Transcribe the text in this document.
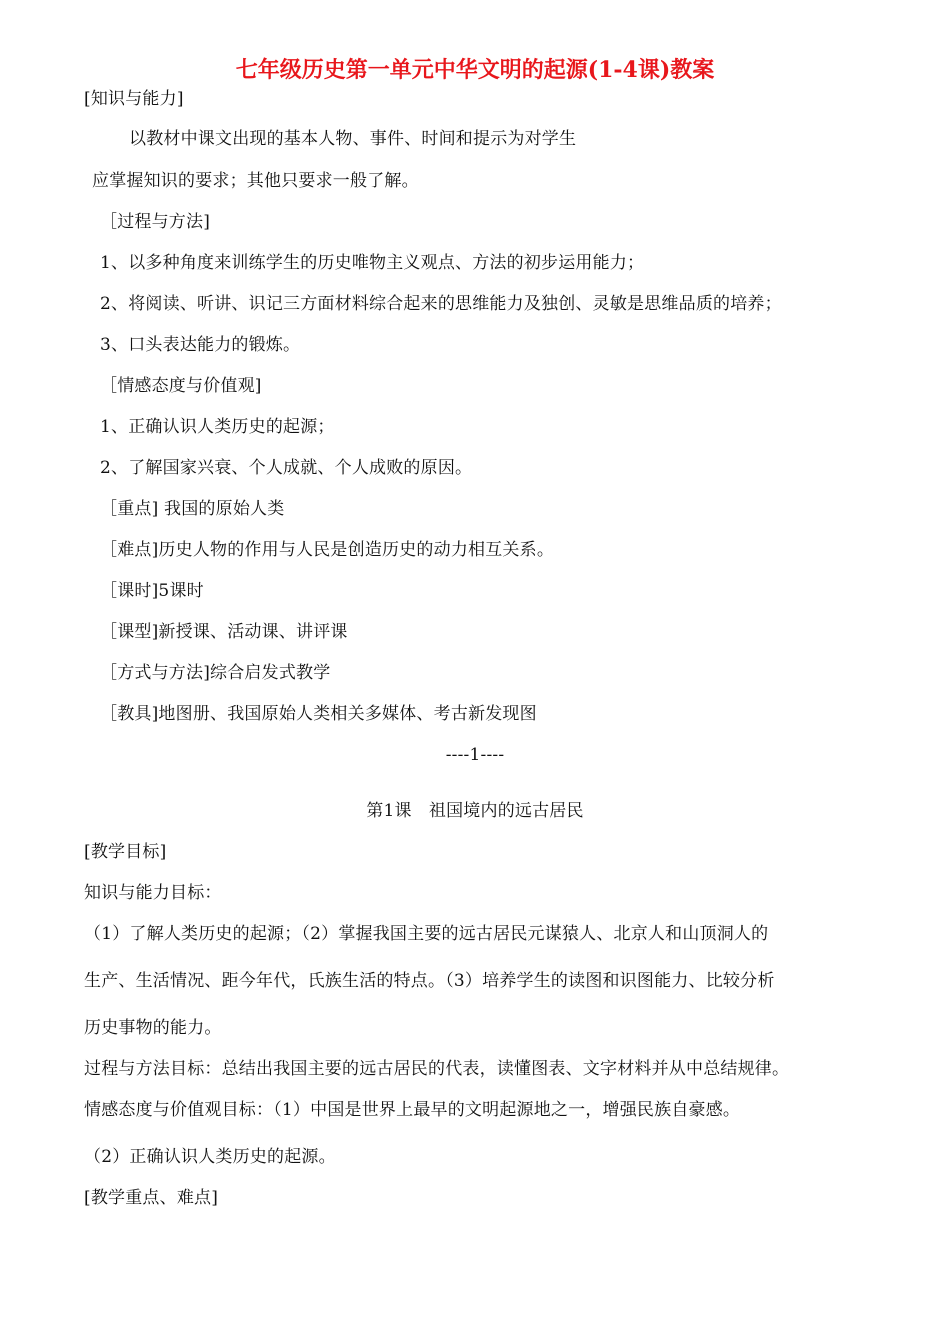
七年级历史第一单元中华文明的起源(1-4课)教案
[知识与能力]
以教材中课文出现的基本人物、事件、时间和提示为对学生
应掌握知识的要求；其他只要求一般了解。
［过程与方法]
1、以多种角度来训练学生的历史唯物主义观点、方法的初步运用能力；
2、将阅读、听讲、识记三方面材料综合起来的思维能力及独创、灵敏是思维品质的培养；
3、口头表达能力的锻炼。
［情感态度与价值观]
1、正确认识人类历史的起源；
2、了解国家兴衰、个人成就、个人成败的原因。
［重点] 我国的原始人类
［难点]历史人物的作用与人民是创造历史的动力相互关系。
［课时]5课时
［课型]新授课、活动课、讲评课
［方式与方法]综合启发式教学
［教具]地图册、我国原始人类相关多媒体、考古新发现图
----1----
第1课　祖国境内的远古居民
[教学目标]
知识与能力目标：
（1）了解人类历史的起源；（2）掌握我国主要的远古居民元谋猿人、北京人和山顶洞人的
生产、生活情况、距今年代，氏族生活的特点。（3）培养学生的读图和识图能力、比较分析
历史事物的能力。
过程与方法目标：总结出我国主要的远古居民的代表，读懂图表、文字材料并从中总结规律。
情感态度与价值观目标：（1）中国是世界上最早的文明起源地之一，增强民族自豪感。
（2）正确认识人类历史的起源。
[教学重点、难点]
